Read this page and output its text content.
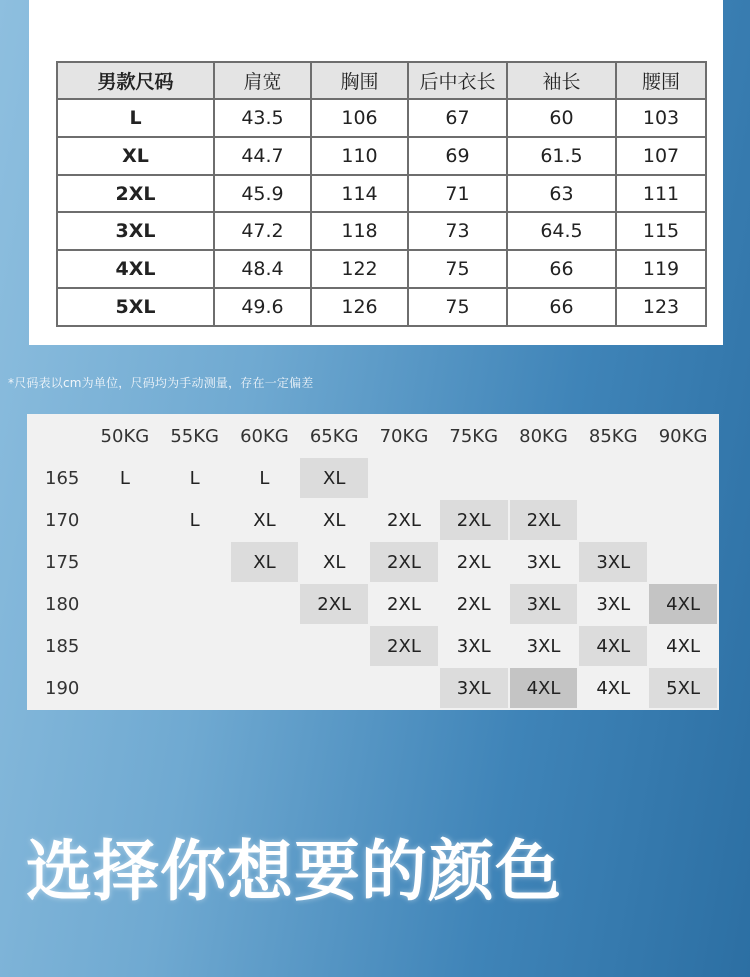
男款尺码	肩宽	胸围	后中衣长	袖长	腰围
L	43.5	106	67	60	103
XL	44.7	110	69	61.5	107
2XL	45.9	114	71	63	111
3XL	47.2	118	73	64.5	115
4XL	48.4	122	75	66	119
5XL	49.6	126	75	66	123
*尺码表以cm为单位，尺码均为手动测量，存在一定偏差
	50KG	55KG	60KG	65KG	70KG	75KG	80KG	85KG	90KG
165	L	L	L	XL					
170		L	XL	XL	2XL	2XL	2XL		
175			XL	XL	2XL	2XL	3XL	3XL	
180				2XL	2XL	2XL	3XL	3XL	4XL
185					2XL	3XL	3XL	4XL	4XL
190						3XL	4XL	4XL	5XL
选择你想要的颜色
